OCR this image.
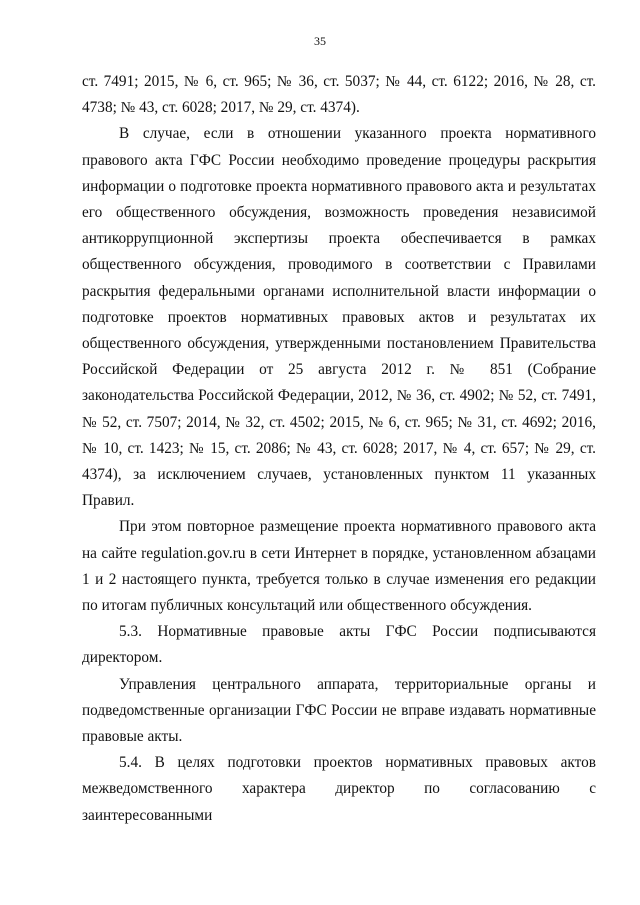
35

ст. 7491; 2015, № 6, ст. 965; № 36, ст. 5037; № 44, ст. 6122; 2016, № 28, ст. 4738; № 43, ст. 6028; 2017, № 29, ст. 4374).

В случае, если в отношении указанного проекта нормативного правового акта ГФС России необходимо проведение процедуры раскрытия информации о подготовке проекта нормативного правового акта и результатах его общественного обсуждения, возможность проведения независимой антикоррупционной экспертизы проекта обеспечивается в рамках общественного обсуждения, проводимого в соответствии с Правилами раскрытия федеральными органами исполнительной власти информации о подготовке проектов нормативных правовых актов и результатах их общественного обсуждения, утвержденными постановлением Правительства Российской Федерации от 25 августа 2012 г. № 851 (Собрание законодательства Российской Федерации, 2012, № 36, ст. 4902; № 52, ст. 7491, № 52, ст. 7507; 2014, № 32, ст. 4502; 2015, № 6, ст. 965; № 31, ст. 4692; 2016, № 10, ст. 1423; № 15, ст. 2086; № 43, ст. 6028; 2017, № 4, ст. 657; № 29, ст. 4374), за исключением случаев, установленных пунктом 11 указанных Правил.

При этом повторное размещение проекта нормативного правового акта на сайте regulation.gov.ru в сети Интернет в порядке, установленном абзацами 1 и 2 настоящего пункта, требуется только в случае изменения его редакции по итогам публичных консультаций или общественного обсуждения.

5.3. Нормативные правовые акты ГФС России подписываются директором.

Управления центрального аппарата, территориальные органы и подведомственные организации ГФС России не вправе издавать нормативные правовые акты.

5.4. В целях подготовки проектов нормативных правовых актов межведомственного характера директор по согласованию с заинтересованными
